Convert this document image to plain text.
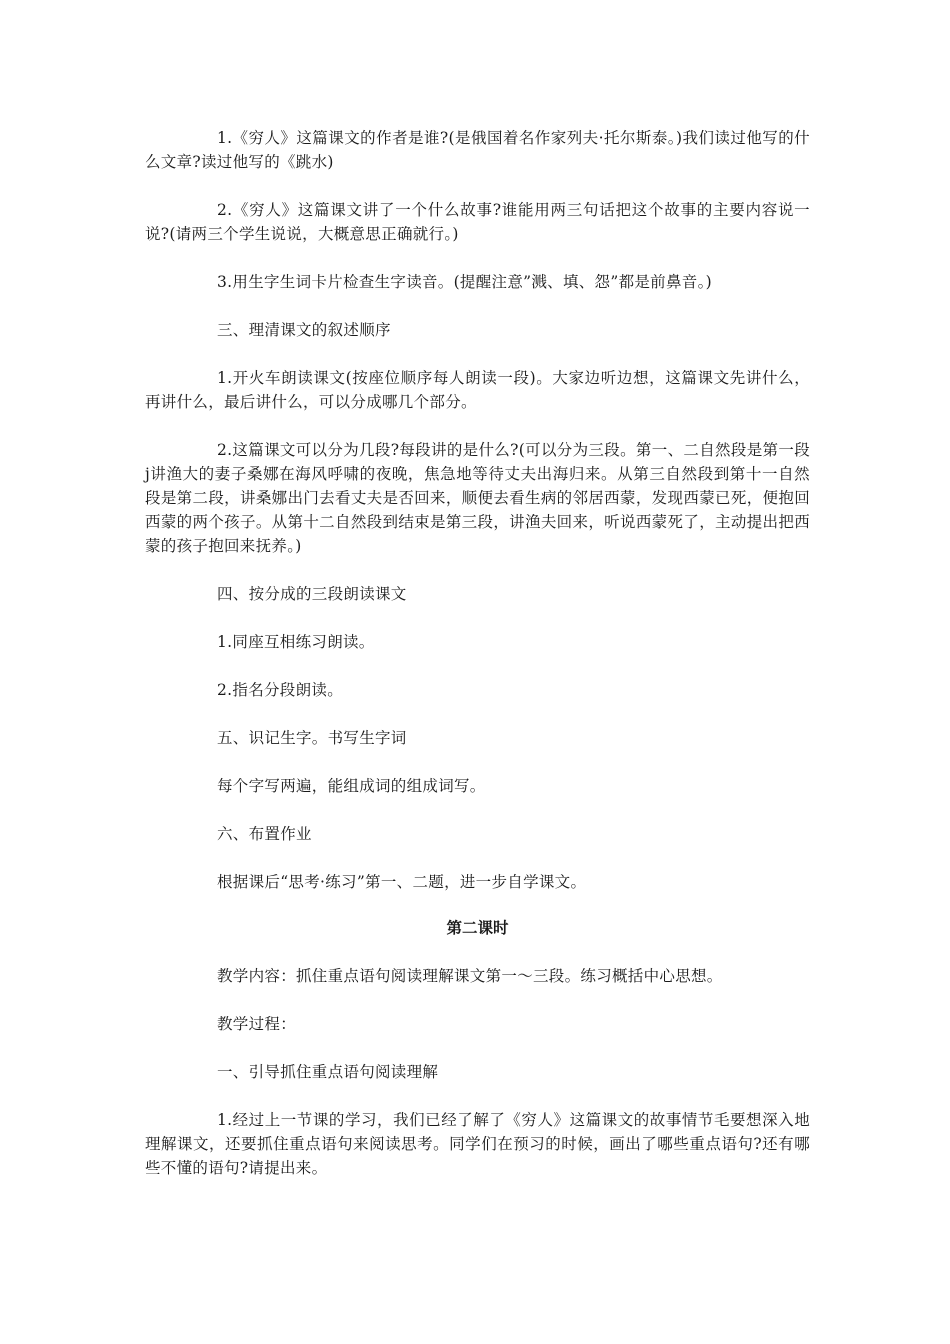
1.《穷人》这篇课文的作者是谁?(是俄国着名作家列夫·托尔斯泰。)我们读过他写的什么文章?读过他写的《跳水)

2.《穷人》这篇课文讲了一个什么故事?谁能用两三句话把这个故事的主要内容说一说?(请两三个学生说说，大概意思正确就行。)

3.用生字生词卡片检查生字读音。(提醒注意”溅、填、怨”都是前鼻音。)

三、理清课文的叙述顺序

1.开火车朗读课文(按座位顺序每人朗读一段)。大家边听边想，这篇课文先讲什么，再讲什么，最后讲什么，可以分成哪几个部分。

2.这篇课文可以分为几段?每段讲的是什么?(可以分为三段。第一、二自然段是第一段j讲渔大的妻子桑娜在海风呼啸的夜晚，焦急地等待丈夫出海归来。从第三自然段到第十一自然段是第二段，讲桑娜出门去看丈夫是否回来，顺便去看生病的邻居西蒙，发现西蒙已死，便抱回西蒙的两个孩子。从第十二自然段到结束是第三段，讲渔夫回来，听说西蒙死了，主动提出把西蒙的孩子抱回来抚养。)

四、按分成的三段朗读课文

1.同座互相练习朗读。

2.指名分段朗读。

五、识记生字。书写生字词

每个字写两遍，能组成词的组成词写。

六、布置作业

根据课后“思考·练习”第一、二题，进一步自学课文。

第二课时

教学内容：抓住重点语句阅读理解课文第一～三段。练习概括中心思想。

教学过程：

一、引导抓住重点语句阅读理解

1.经过上一节课的学习，我们已经了解了《穷人》这篇课文的故事情节毛要想深入地理解课文，还要抓住重点语句来阅读思考。同学们在预习的时候，画出了哪些重点语句?还有哪些不懂的语句?请提出来。
